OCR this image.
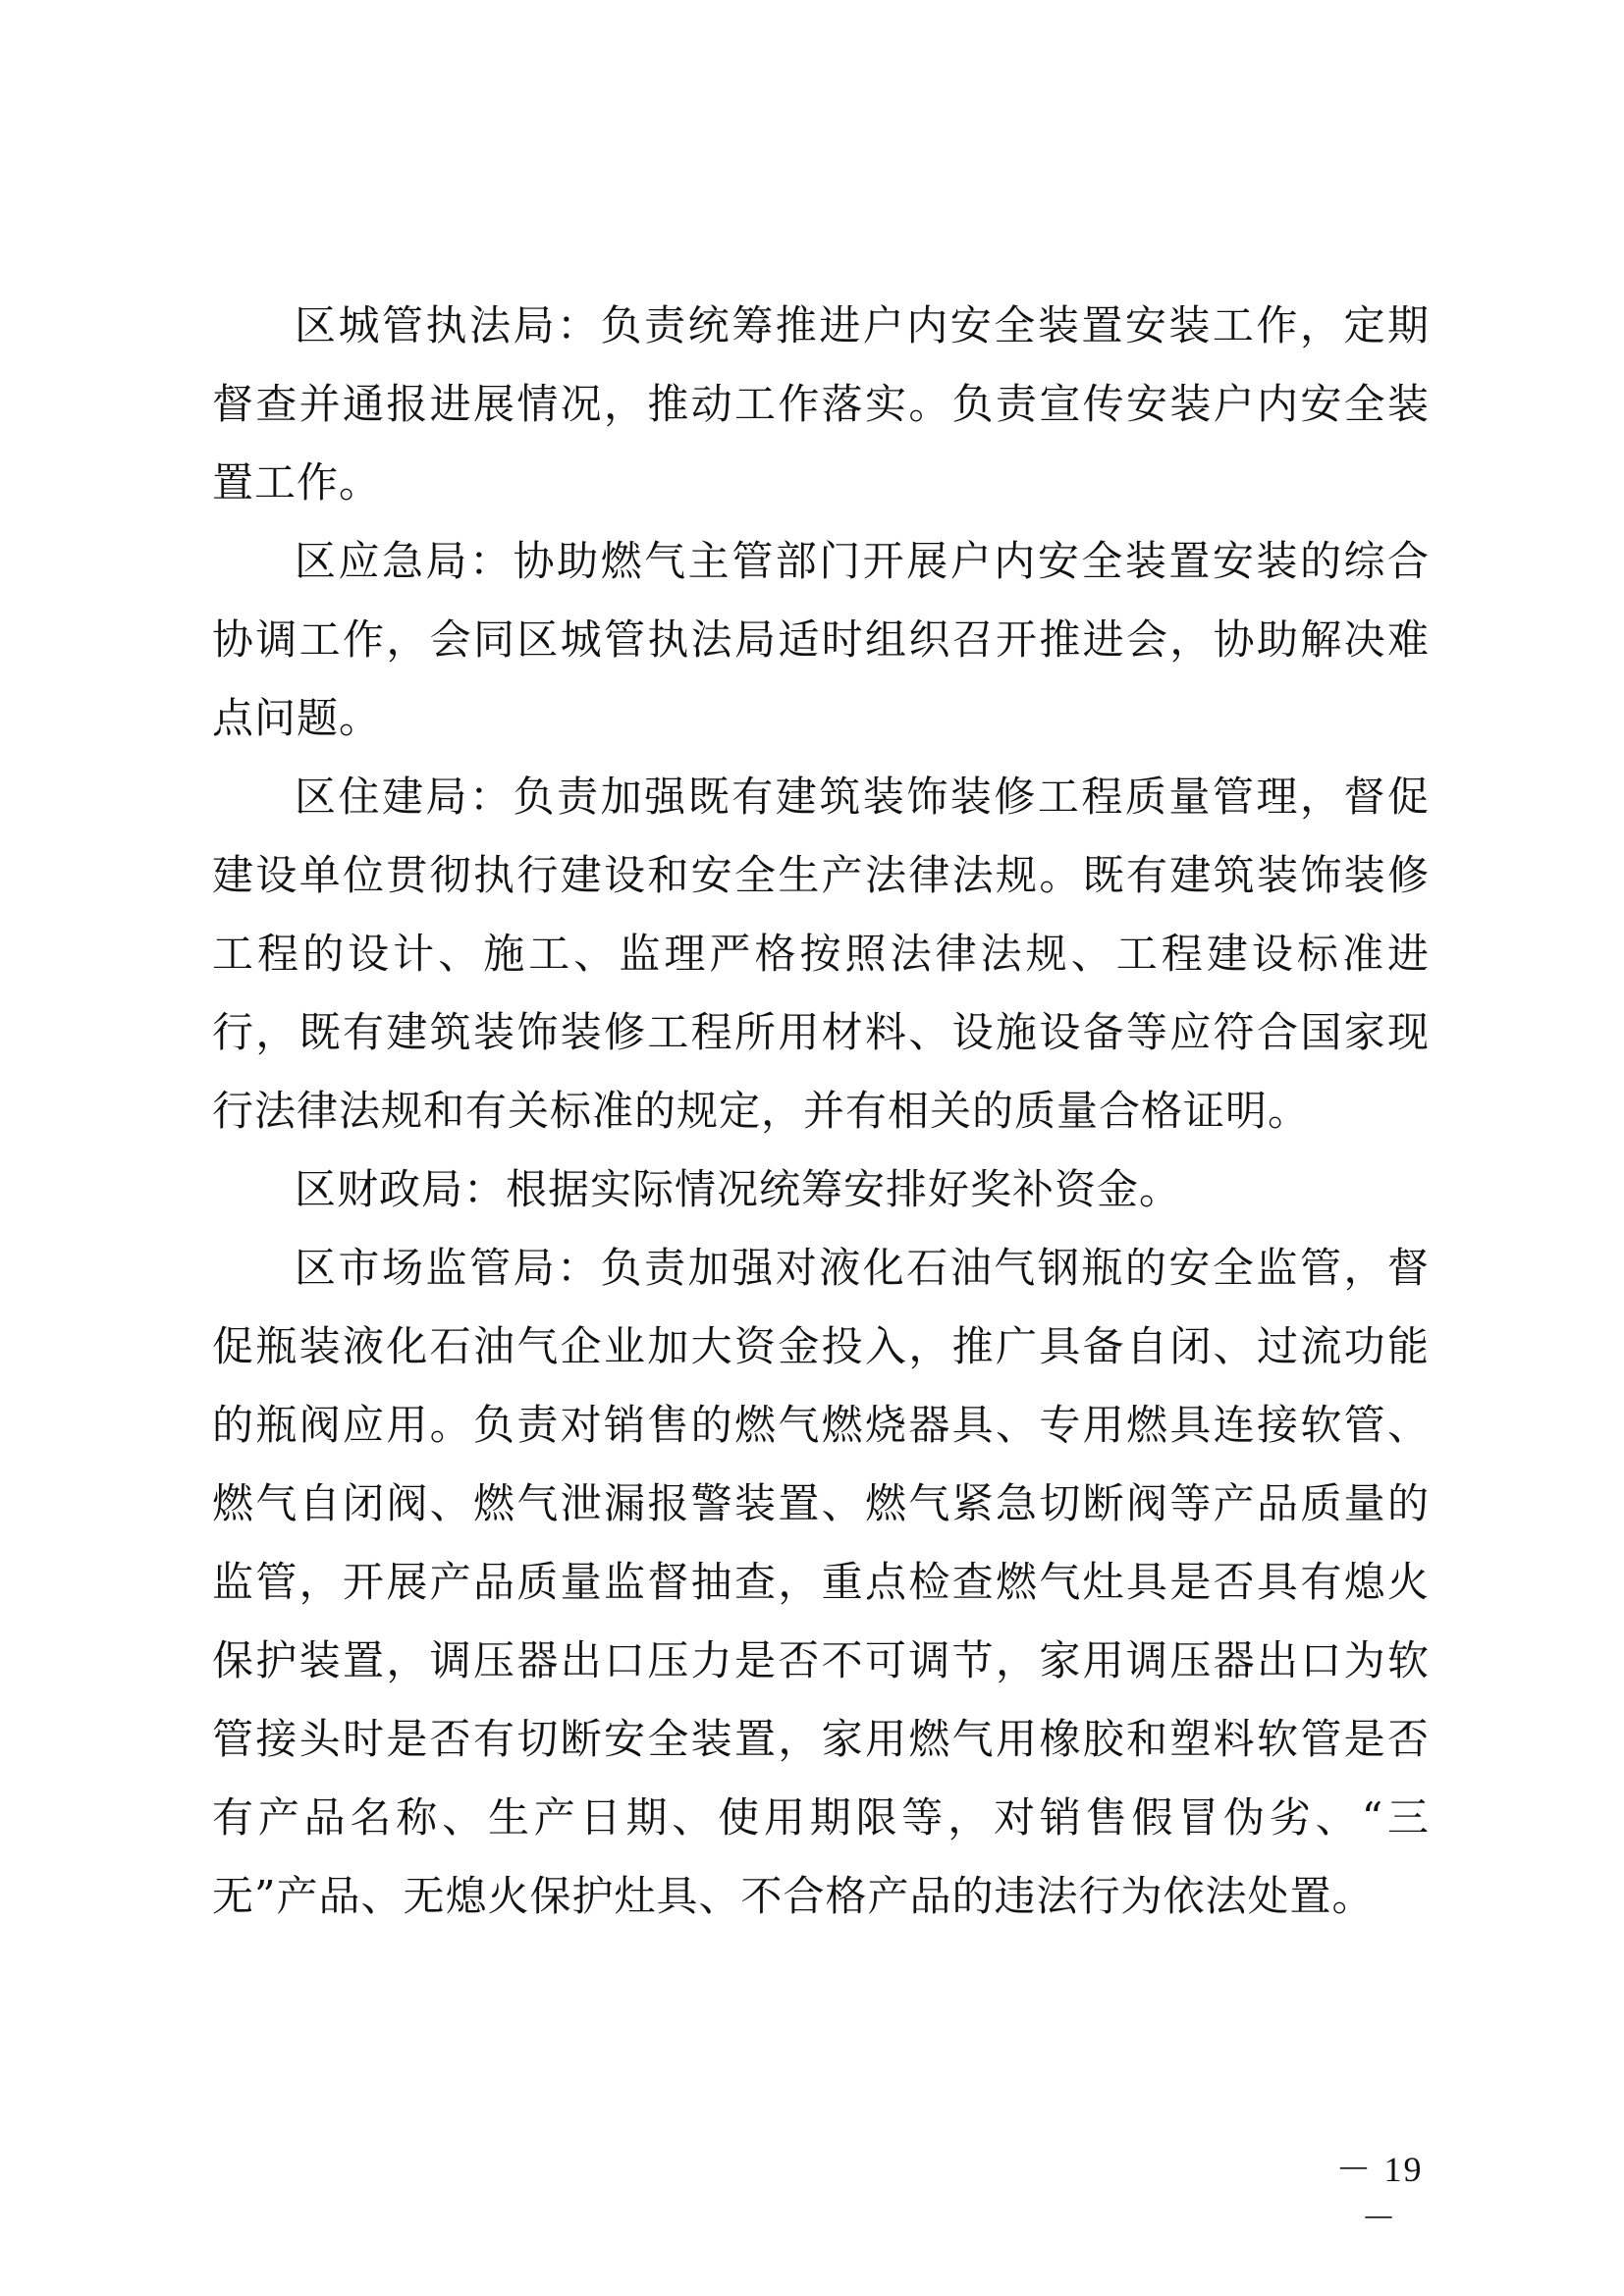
区城管执法局：负责统筹推进户内安全装置安装工作，定期督查并通报进展情况，推动工作落实。负责宣传安装户内安全装置工作。

区应急局：协助燃气主管部门开展户内安全装置安装的综合协调工作，会同区城管执法局适时组织召开推进会，协助解决难点问题。

区住建局：负责加强既有建筑装饰装修工程质量管理，督促建设单位贯彻执行建设和安全生产法律法规。既有建筑装饰装修工程的设计、施工、监理严格按照法律法规、工程建设标准进行，既有建筑装饰装修工程所用材料、设施设备等应符合国家现行法律法规和有关标准的规定，并有相关的质量合格证明。

区财政局：根据实际情况统筹安排好奖补资金。

区市场监管局：负责加强对液化石油气钢瓶的安全监管，督促瓶装液化石油气企业加大资金投入，推广具备自闭、过流功能的瓶阀应用。负责对销售的燃气燃烧器具、专用燃具连接软管、燃气自闭阀、燃气泄漏报警装置、燃气紧急切断阀等产品质量的监管，开展产品质量监督抽查，重点检查燃气灶具是否具有熄火保护装置，调压器出口压力是否不可调节，家用调压器出口为软管接头时是否有切断安全装置，家用燃气用橡胶和塑料软管是否有产品名称、生产日期、使用期限等，对销售假冒伪劣、“三无”产品、无熄火保护灶具、不合格产品的违法行为依法处置。

－ 19 －
